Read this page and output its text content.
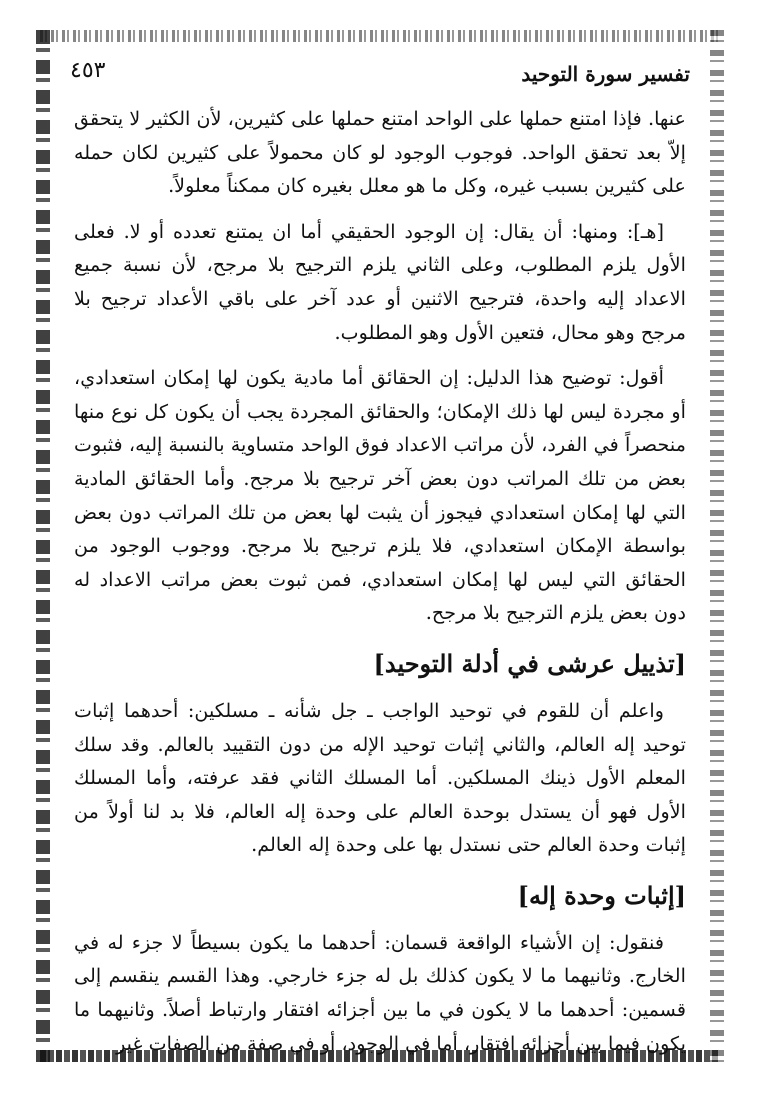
تفسير سورة التوحيد
٤٥٣

عنها. فإذا امتنع حملها على الواحد امتنع حملها على كثيرين، لأن الكثير لا يتحقق إلاّ بعد تحقق الواحد. فوجوب الوجود لو كان محمولاً على كثيرين لكان حمله على كثيرين بسبب غيره، وكل ما هو معلل بغيره كان ممكناً معلولاً.

[هـ]: ومنها: أن يقال: إن الوجود الحقيقي أما ان يمتنع تعدده أو لا. فعلى الأول يلزم المطلوب، وعلى الثاني يلزم الترجيح بلا مرجح، لأن نسبة جميع الاعداد إليه واحدة، فترجيح الاثنين أو عدد آخر على باقي الأعداد ترجيح بلا مرجح وهو محال، فتعين الأول وهو المطلوب.

أقول: توضيح هذا الدليل: إن الحقائق أما مادية يكون لها إمكان استعدادي، أو مجردة ليس لها ذلك الإمكان؛ والحقائق المجردة يجب أن يكون كل نوع منها منحصراً في الفرد، لأن مراتب الاعداد فوق الواحد متساوية بالنسبة إليه، فثبوت بعض من تلك المراتب دون بعض آخر ترجيح بلا مرجح. وأما الحقائق المادية التي لها إمكان استعدادي فيجوز أن يثبت لها بعض من تلك المراتب دون بعض بواسطة الإمكان استعدادي، فلا يلزم ترجيح بلا مرجح. ووجوب الوجود من الحقائق التي ليس لها إمكان استعدادي، فمن ثبوت بعض مراتب الاعداد له دون بعض يلزم الترجيح بلا مرجح.

[تذييل عرشى في أدلة التوحيد]

واعلم أن للقوم في توحيد الواجب ـ جل شأنه ـ مسلكين: أحدهما إثبات توحيد إله العالم، والثاني إثبات توحيد الإله من دون التقييد بالعالم. وقد سلك المعلم الأول ذينك المسلكين. أما المسلك الثاني فقد عرفته، وأما المسلك الأول فهو أن يستدل بوحدة العالم على وحدة إله العالم، فلا بد لنا أولاً من إثبات وحدة العالم حتى نستدل بها على وحدة إله العالم.

[إثبات وحدة إله]

فنقول: إن الأشياء الواقعة قسمان: أحدهما ما يكون بسيطاً لا جزء له في الخارج. وثانيهما ما لا يكون كذلك بل له جزء خارجي. وهذا القسم ينقسم إلى قسمين: أحدهما ما لا يكون في ما بين أجزائه افتقار وارتباط أصلاً. وثانيهما ما يكون فيما بين أجزائه افتقار، أما في الوجود، أو في صفة من الصفات غير
